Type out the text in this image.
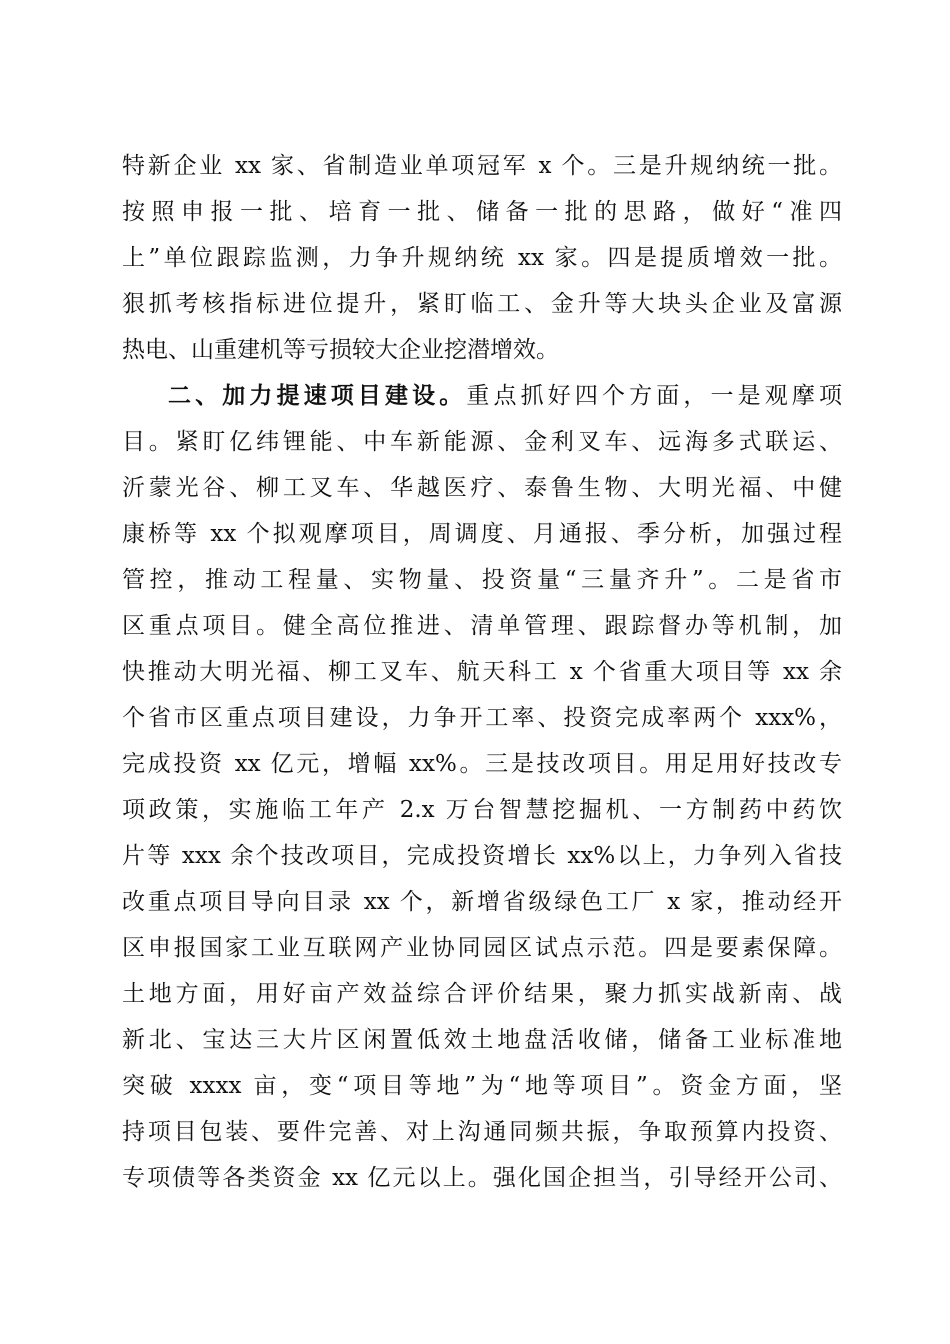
特新企业 xx 家、省制造业单项冠军 x 个。三是升规纳统一批。
按照申报一批、培育一批、储备一批的思路，做好“准四
上”单位跟踪监测，力争升规纳统 xx 家。四是提质增效一批。
狠抓考核指标进位提升，紧盯临工、金升等大块头企业及富源
热电、山重建机等亏损较大企业挖潜增效。
二、加力提速项目建设。重点抓好四个方面，一是观摩项
目。紧盯亿纬锂能、中车新能源、金利叉车、远海多式联运、
沂蒙光谷、柳工叉车、华越医疗、泰鲁生物、大明光福、中健
康桥等 xx 个拟观摩项目，周调度、月通报、季分析，加强过程
管控，推动工程量、实物量、投资量“三量齐升”。二是省市
区重点项目。健全高位推进、清单管理、跟踪督办等机制，加
快推动大明光福、柳工叉车、航天科工 x 个省重大项目等 xx 余
个省市区重点项目建设，力争开工率、投资完成率两个 xxx%，
完成投资 xx 亿元，增幅 xx%。三是技改项目。用足用好技改专
项政策，实施临工年产 2.x 万台智慧挖掘机、一方制药中药饮
片等 xxx 余个技改项目，完成投资增长 xx%以上，力争列入省技
改重点项目导向目录 xx 个，新增省级绿色工厂 x 家，推动经开
区申报国家工业互联网产业协同园区试点示范。四是要素保障。
土地方面，用好亩产效益综合评价结果，聚力抓实战新南、战
新北、宝达三大片区闲置低效土地盘活收储，储备工业标准地
突破 xxxx 亩，变“项目等地”为“地等项目”。资金方面，坚
持项目包装、要件完善、对上沟通同频共振，争取预算内投资、
专项债等各类资金 xx 亿元以上。强化国企担当，引导经开公司、
